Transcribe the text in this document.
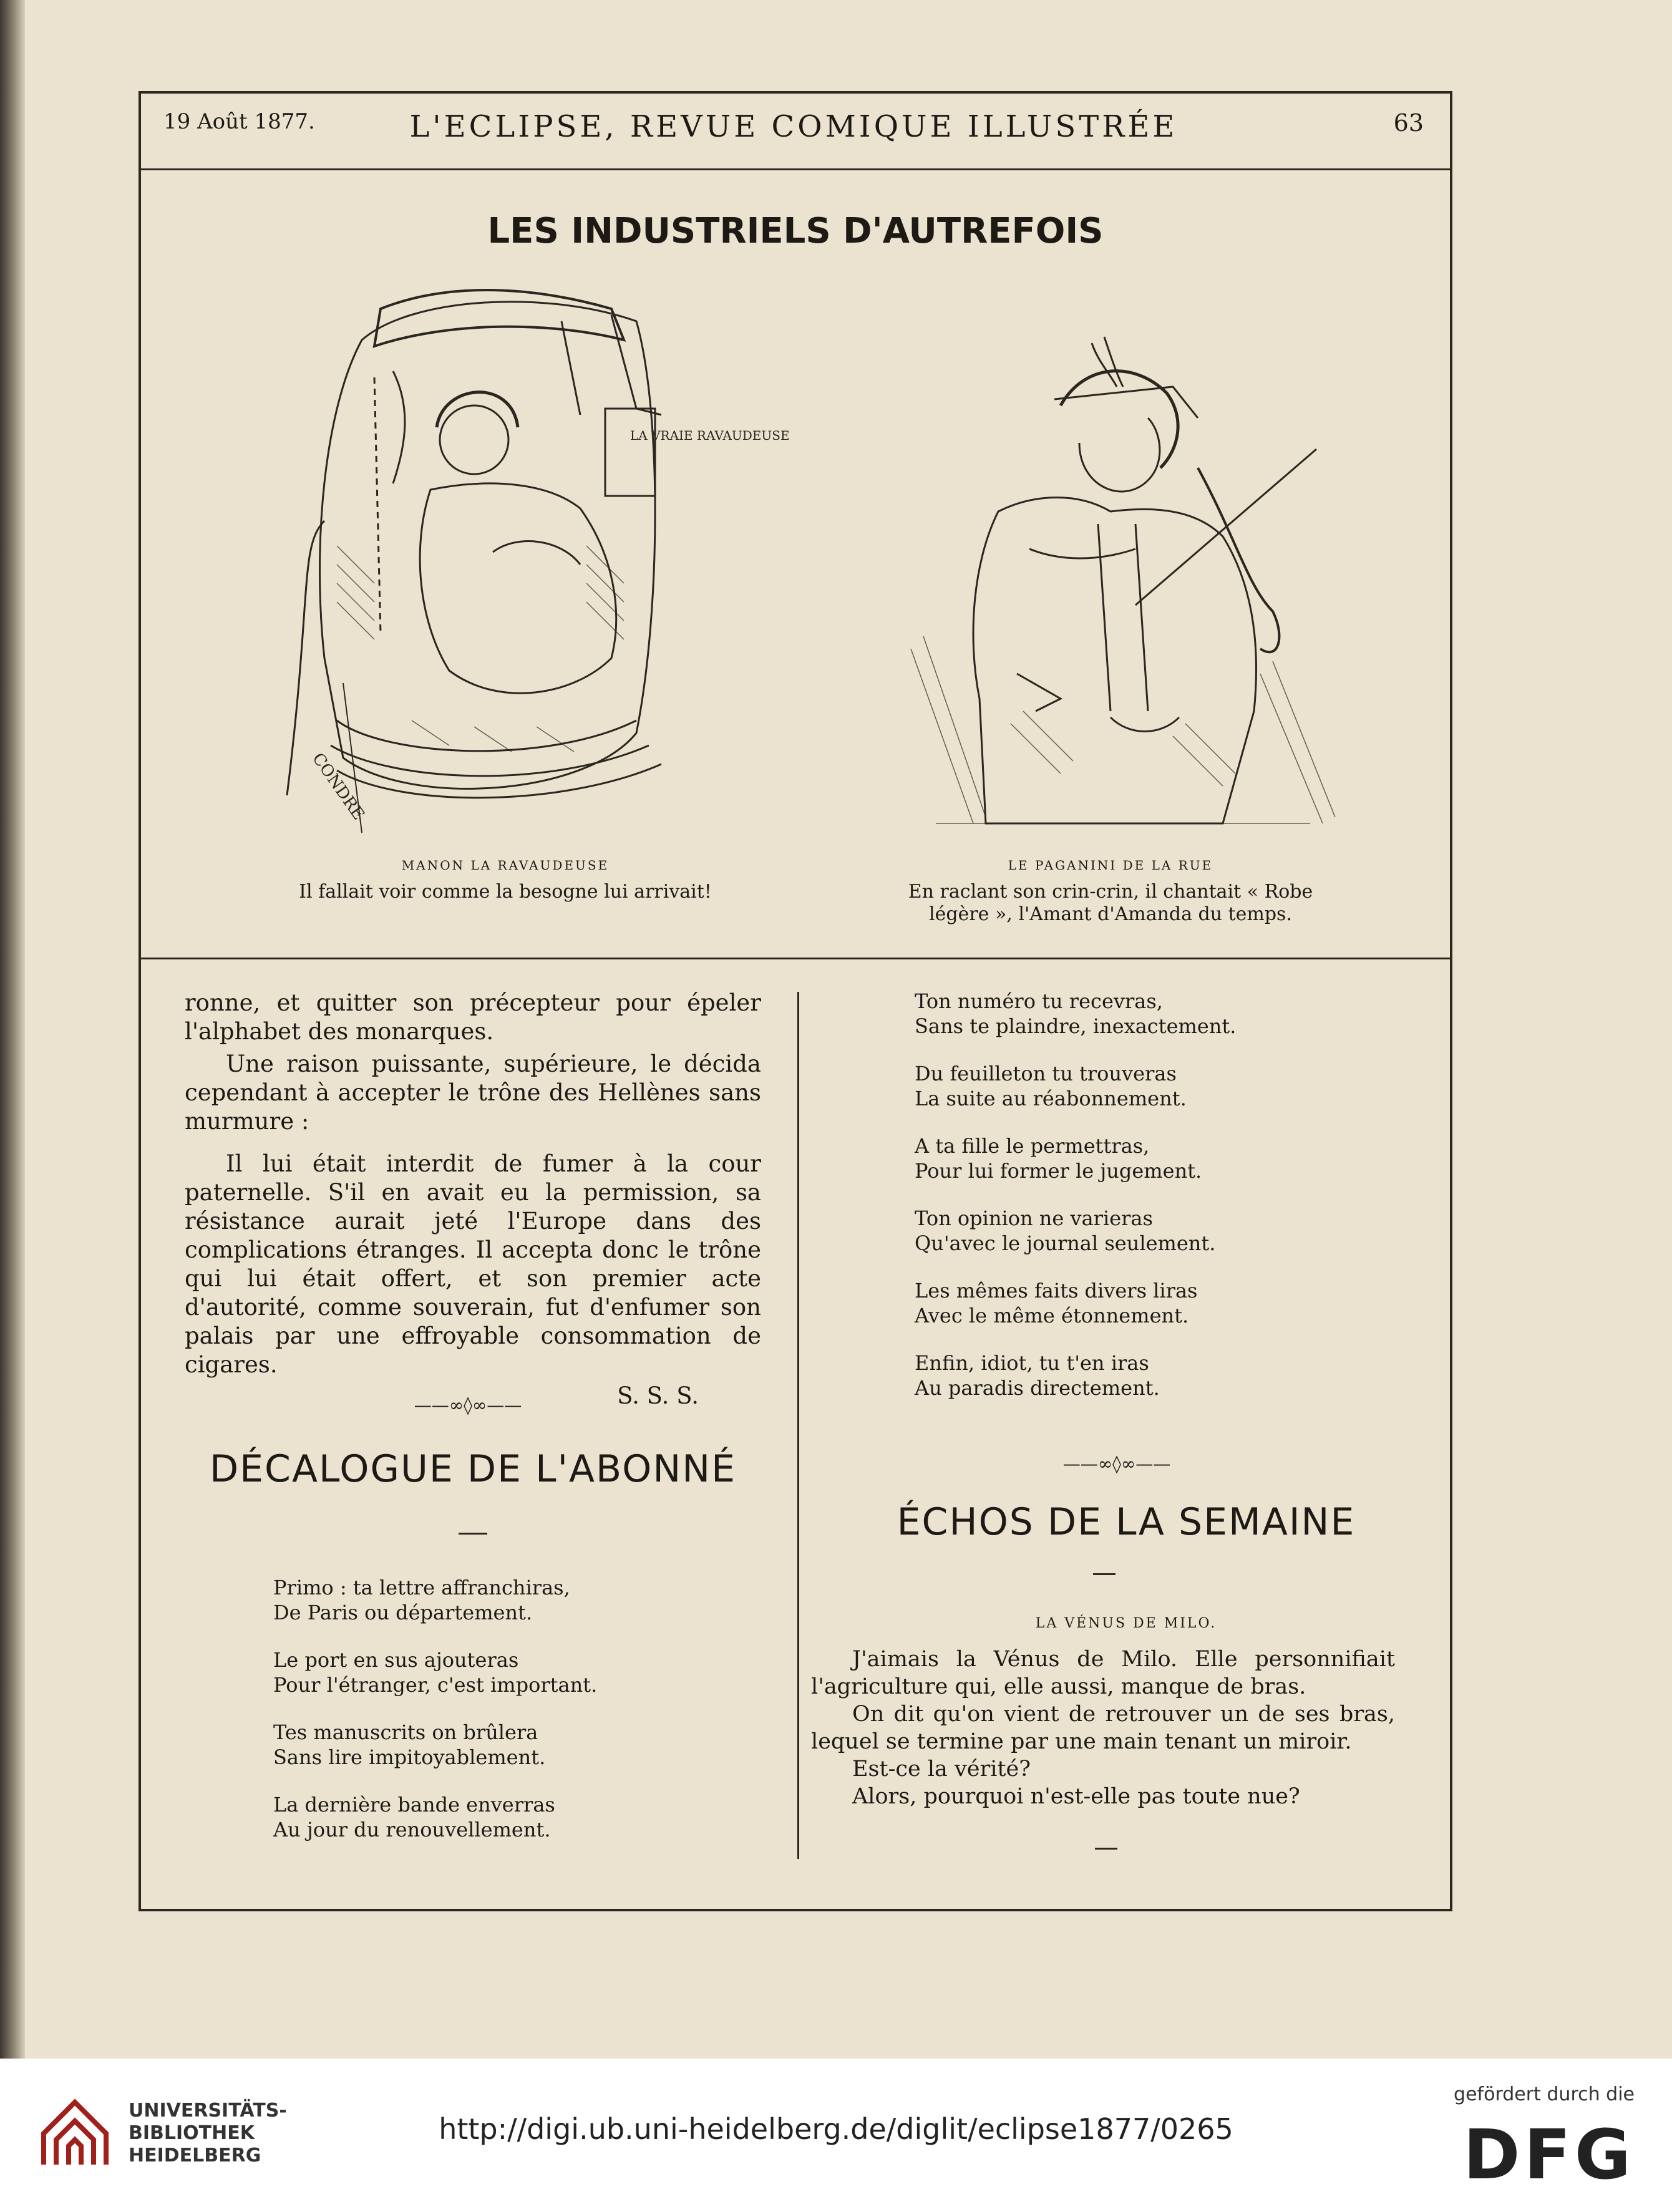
19 Août 1877.	L'ECLIPSE, REVUE COMIQUE ILLUSTRÉE	63
LES INDUSTRIELS D'AUTREFOIS
LA VRAIE RAVAUDEUSE
CONDRE
MANON LA RAVAUDEUSE
Il fallait voir comme la besogne lui arrivait!
LE PAGANINI DE LA RUE
En raclant son crin-crin, il chantait « Robe
légère », l'Amant d'Amanda du temps.
ronne, et quitter son précepteur pour épeler l'alphabet des monarques.
Une raison puissante, supérieure, le décida cependant à accepter le trône des Hellènes sans murmure :
Il lui était interdit de fumer à la cour paternelle. S'il en avait eu la permission, sa résistance aurait jeté l'Europe dans des complications étranges. Il accepta donc le trône qui lui était offert, et son premier acte d'autorité, comme souverain, fut d'enfumer son palais par une effroyable consommation de cigares.
S. S. S.
——∞◊∞——
DÉCALOGUE DE L'ABONNÉ
Primo : ta lettre affranchiras,
De Paris ou département.
Le port en sus ajouteras
Pour l'étranger, c'est important.
Tes manuscrits on brûlera
Sans lire impitoyablement.
La dernière bande enverras
Au jour du renouvellement.
Ton numéro tu recevras,
Sans te plaindre, inexactement.
Du feuilleton tu trouveras
La suite au réabonnement.
A ta fille le permettras,
Pour lui former le jugement.
Ton opinion ne varieras
Qu'avec le journal seulement.
Les mêmes faits divers liras
Avec le même étonnement.
Enfin, idiot, tu t'en iras
Au paradis directement.
——∞◊∞——
ÉCHOS DE LA SEMAINE
LA VÉNUS DE MILO.
J'aimais la Vénus de Milo. Elle personnifiait l'agriculture qui, elle aussi, manque de bras.
On dit qu'on vient de retrouver un de ses bras, lequel se termine par une main tenant un miroir.
Est-ce la vérité?
Alors, pourquoi n'est-elle pas toute nue?
UNIVERSITÄTS-
BIBLIOTHEK
HEIDELBERG
http://digi.ub.uni-heidelberg.de/diglit/eclipse1877/0265
gefördert durch die
DFG
